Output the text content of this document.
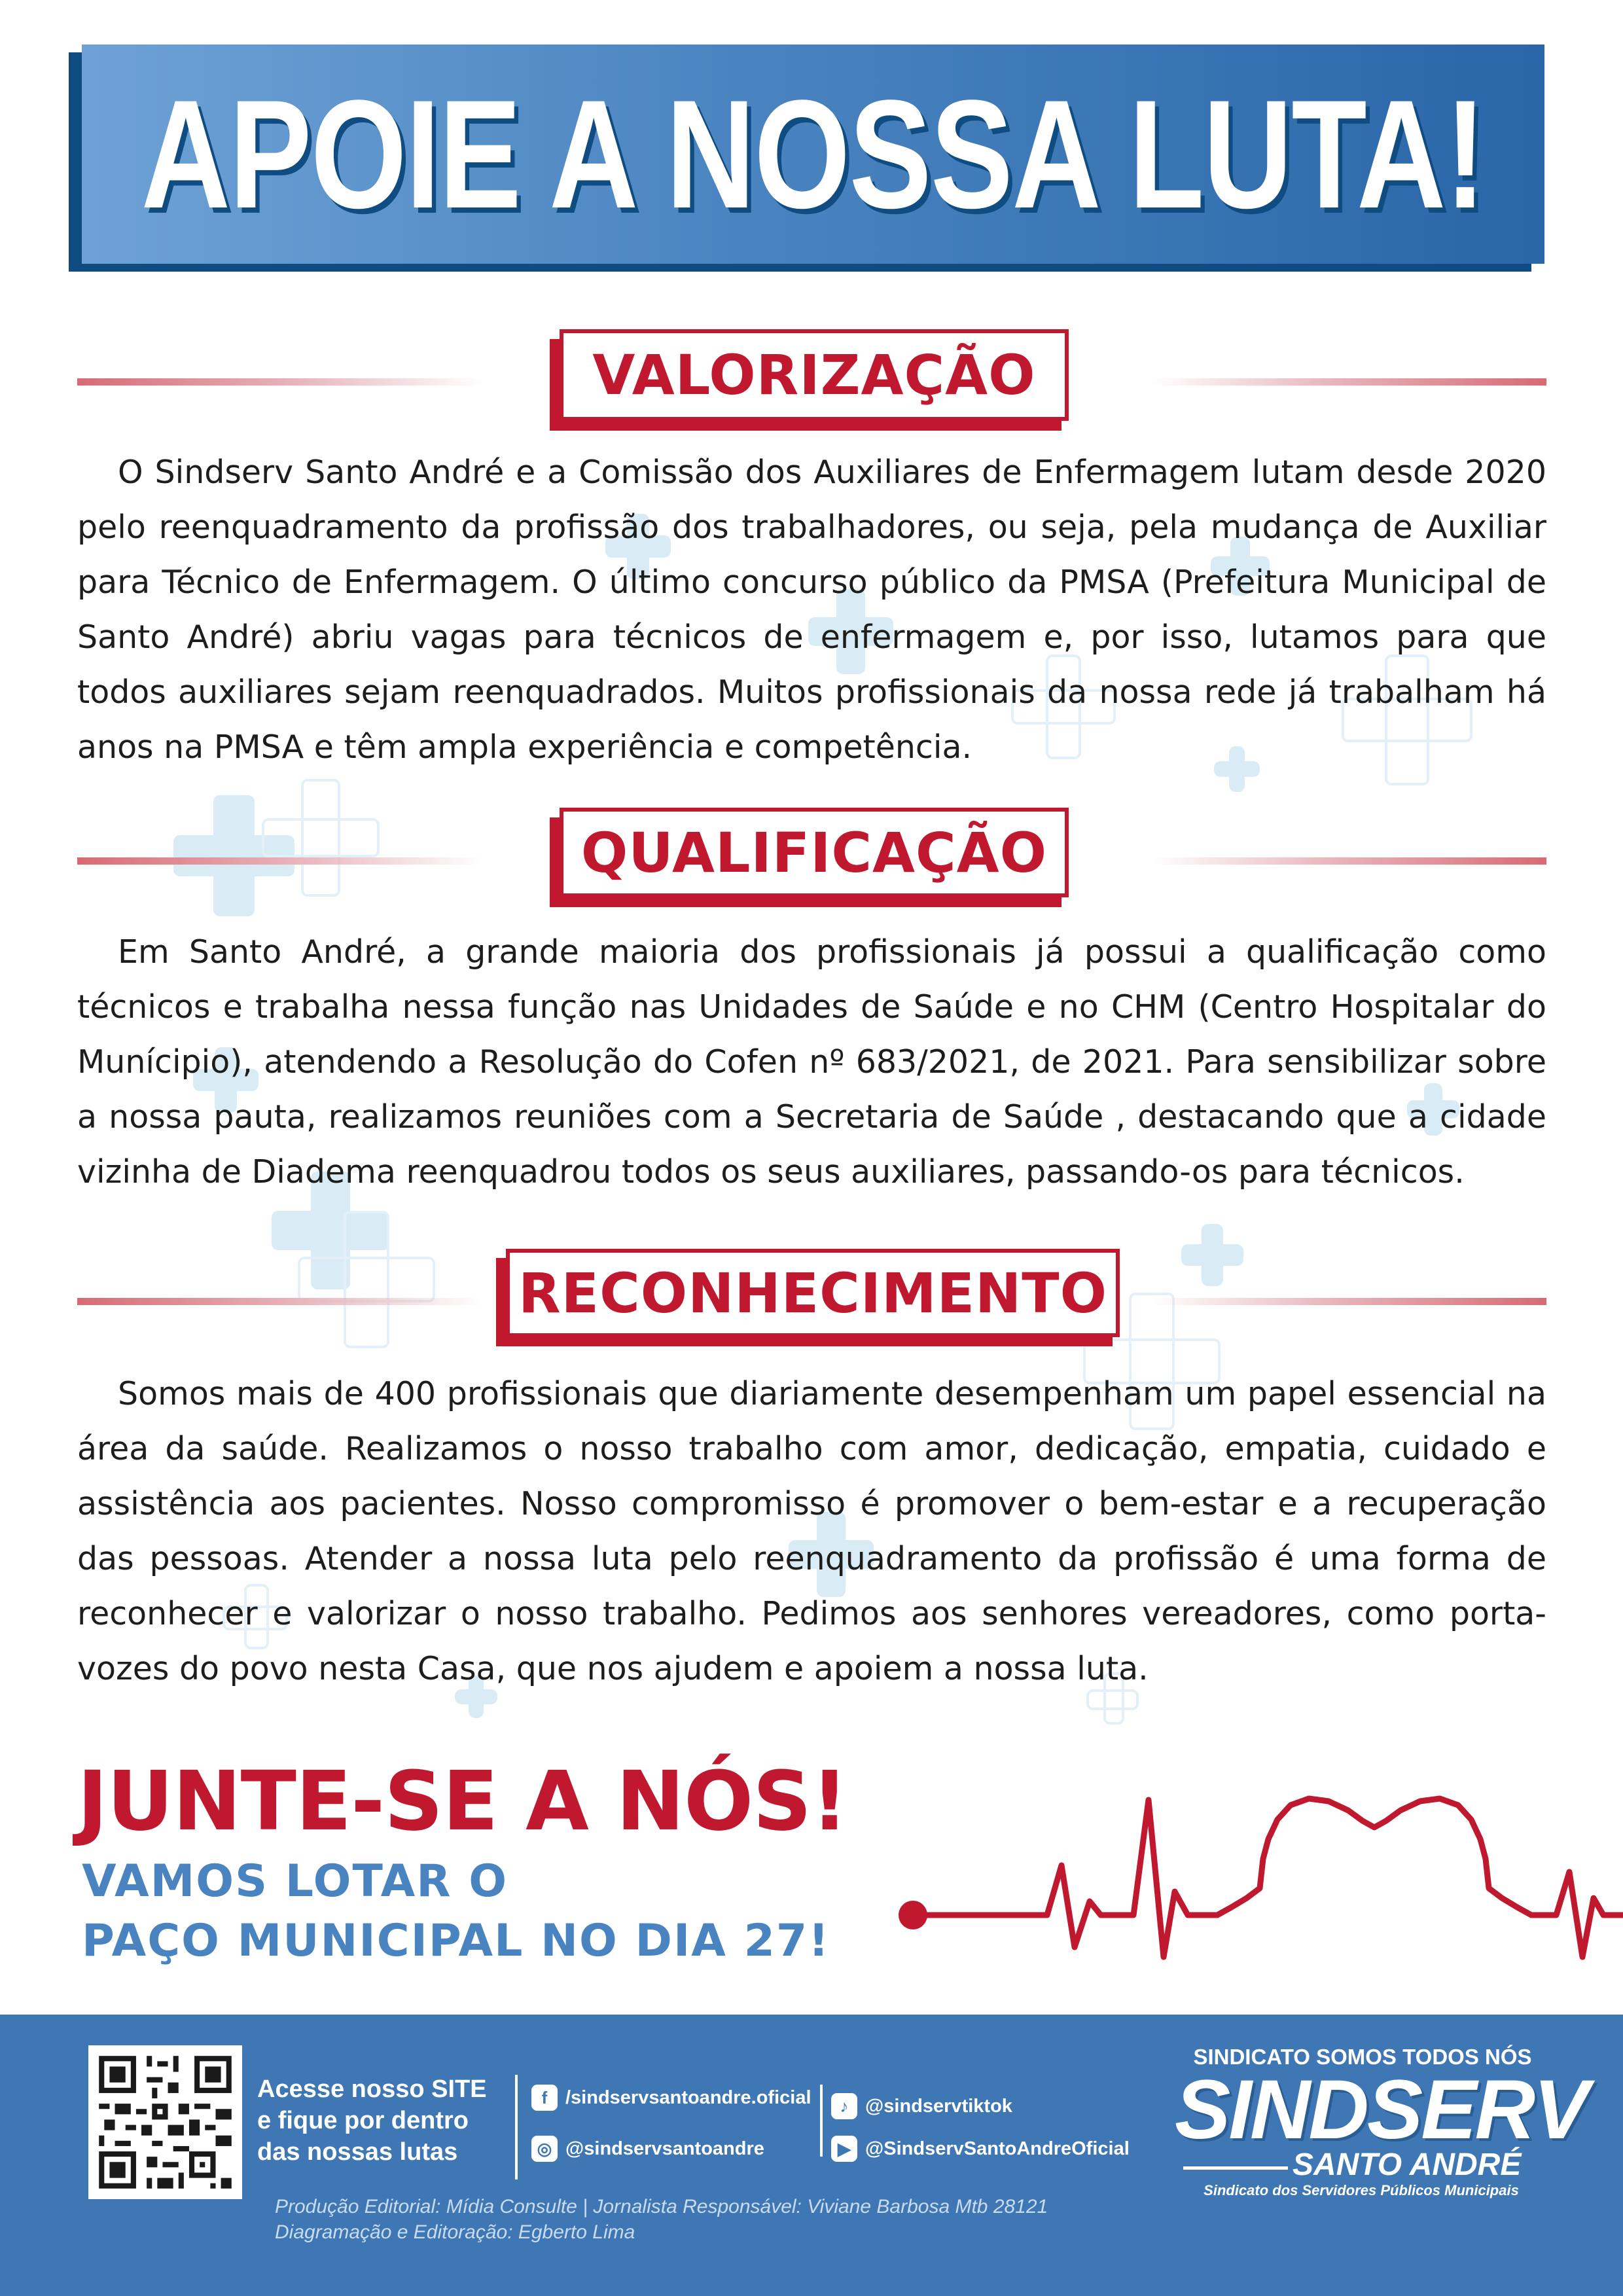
APOIE A NOSSA LUTA!
VALORIZAÇÃO
O Sindserv Santo André e a Comissão dos Auxiliares de Enfermagem lutam desde 2020 pelo reenquadramento da profissão dos trabalhadores, ou seja, pela mudança de Auxiliar para Técnico de Enfermagem. O último concurso público da PMSA (Prefeitura Municipal de Santo André) abriu vagas para técnicos de enfermagem e, por isso, lutamos para que todos auxiliares sejam reenquadrados. Muitos profissionais da nossa rede já trabalham há anos na PMSA e têm ampla experiência e competência.
QUALIFICAÇÃO
Em Santo André, a grande maioria dos profissionais já possui a qualificação como técnicos e trabalha nessa função nas Unidades de Saúde e no CHM (Centro Hospitalar do Munícipio), atendendo a Resolução do Cofen nº 683/2021, de 2021. Para sensibilizar sobre a nossa pauta, realizamos reuniões com a Secretaria de Saúde , destacando que a cidade vizinha de Diadema reenquadrou todos os seus auxiliares, passando-os para técnicos.
RECONHECIMENTO
Somos mais de 400 profissionais que diariamente desempenham um papel essencial na área da saúde. Realizamos o nosso trabalho com amor, dedicação, empatia, cuidado e assistência aos pacientes. Nosso compromisso é promover o bem-estar e a recuperação das pessoas. Atender a nossa luta pelo reenquadramento da profissão é uma forma de reconhecer e valorizar o nosso trabalho. Pedimos aos senhores vereadores, como porta-vozes do povo nesta Casa, que nos ajudem e apoiem a nossa luta.
JUNTE-SE A NÓS!
VAMOS LOTAR O
PAÇO MUNICIPAL NO DIA 27!
Acesse nosso SITE
e fique por dentro
das nossas lutas
f /sindservsantoandre.oficial
◎ @sindservsantoandre
♪ @sindservtiktok
▶ @SindservSantoAndreOficial
Produção Editorial: Mídia Consulte | Jornalista Responsável: Viviane Barbosa Mtb 28121
Diagramação e Editoração: Egberto Lima
SINDICATO SOMOS TODOS NÓS
SINDSERV
SANTO ANDRÉ
Sindicato dos Servidores Públicos Municipais
